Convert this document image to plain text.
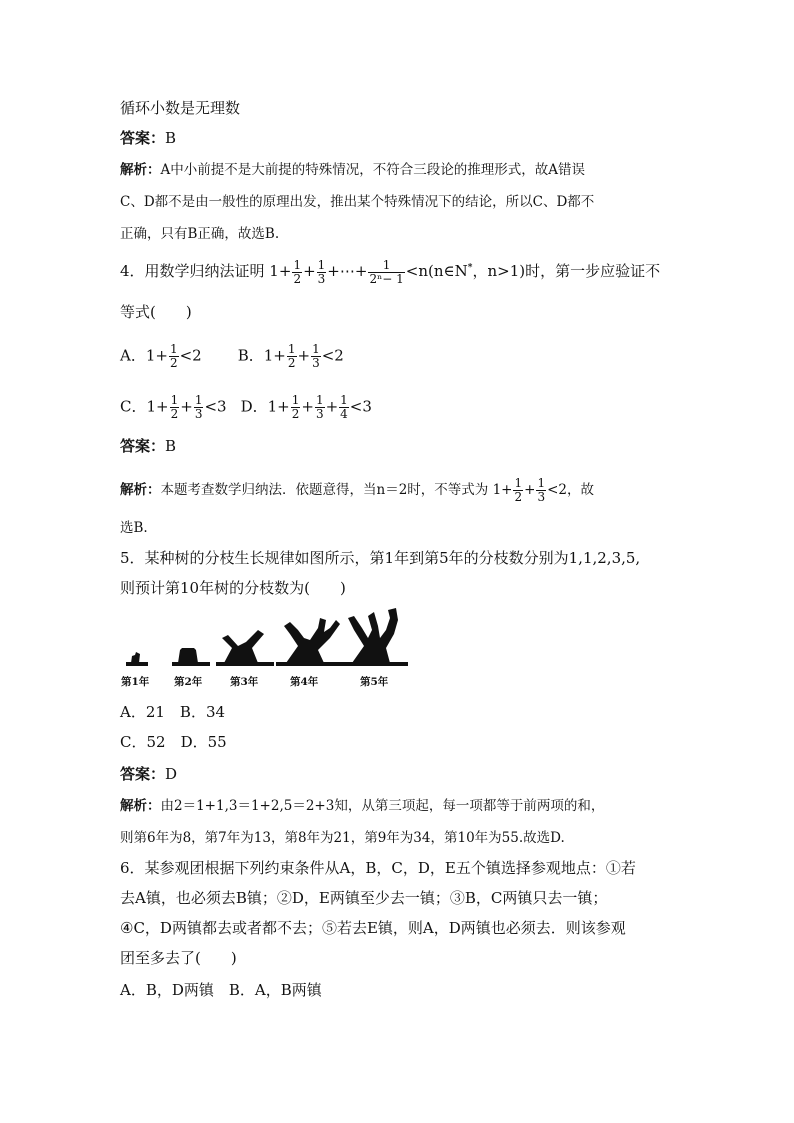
循环小数是无理数
答案：B
解析：A中小前提不是大前提的特殊情况，不符合三段论的推理形式，故A错误
C、D都不是由一般性的原理出发，推出某个特殊情况下的结论，所以C、D都不
正确，只有B正确，故选B.
4．用数学归纳法证明 $1+ \frac{1}{2} + \frac{1}{3}$ +⋯+ $\frac{1}{\text{2ⁿ− 1}}$ <n(n∈N*，n>1)时，第一步应验证不
等式(　　)
A．$1+ \frac{1}{2} <2$ B．$1+ \frac{1}{2} + \frac{1}{3} <2$
C．$1+ \frac{1}{2} + \frac{1}{3} <3$ D．$1+ \frac{1}{2} + \frac{1}{3} + \frac{1}{4} <3$
答案：B
解析：本题考查数学归纳法．依题意得，当n＝2时，不等式为 $1+ \frac{1}{2} + \frac{1}{3} <2$，故
选B.
5．某种树的分枝生长规律如图所示，第1年到第5年的分枝数分别为1,1,2,3,5,
则预计第10年树的分枝数为(　　)
第1年 第2年	第3年	第4年	第5年
A．21　B．34
C．52　D．55
答案：D
解析：由2＝1+1,3＝1+2,5＝2+3知，从第三项起，每一项都等于前两项的和，
则第6年为8，第7年为13，第8年为21，第9年为34，第10年为55.故选D.
6．某参观团根据下列约束条件从A，B，C，D，E五个镇选择参观地点：①若
去A镇，也必须去B镇；②D，E两镇至少去一镇；③B，C两镇只去一镇；
④C，D两镇都去或者都不去；⑤若去E镇，则A，D两镇也必须去．则该参观
团至多去了(　　)
A．B，D两镇　B．A，B两镇
